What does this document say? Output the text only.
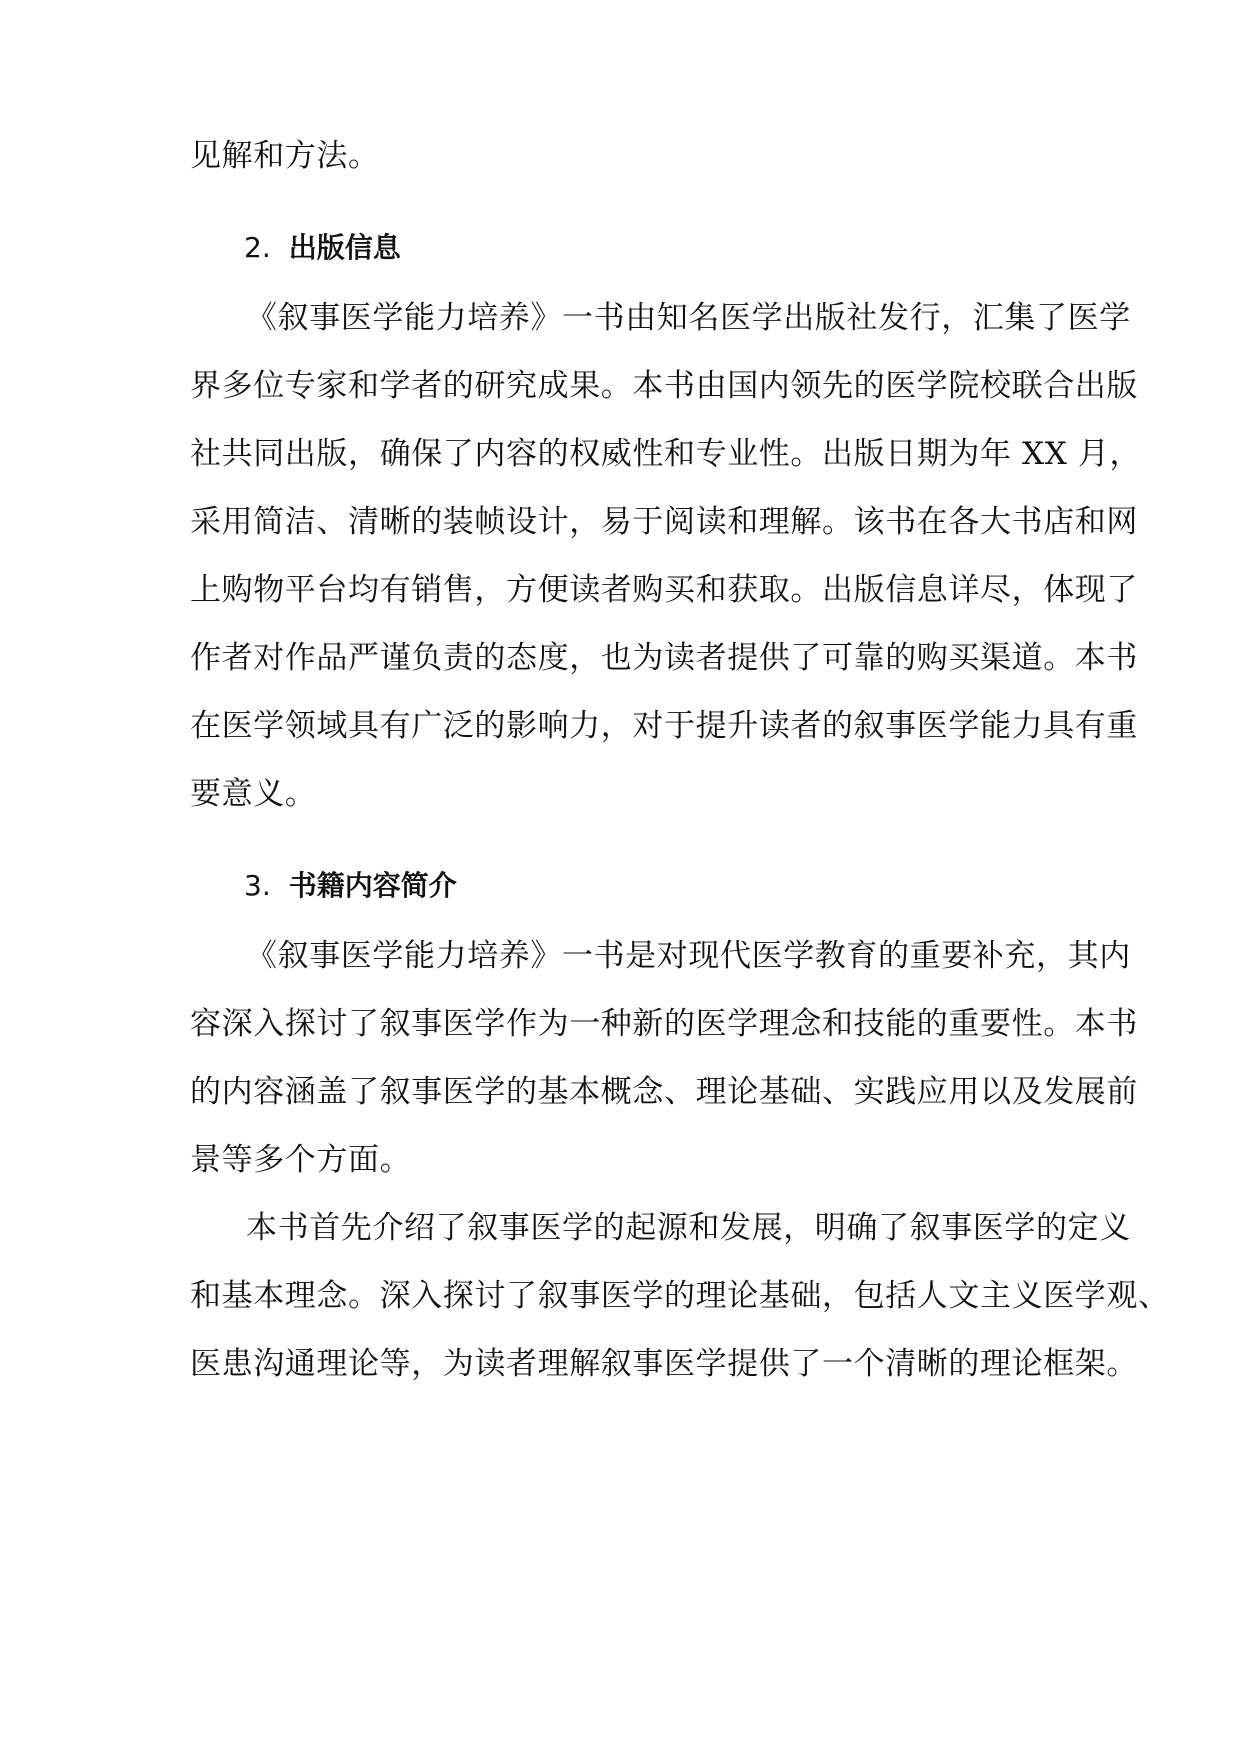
见解和方法。
2. 出版信息
《叙事医学能力培养》一书由知名医学出版社发行，汇集了医学
界多位专家和学者的研究成果。本书由国内领先的医学院校联合出版
社共同出版，确保了内容的权威性和专业性。出版日期为年 XX 月，
采用简洁、清晰的装帧设计，易于阅读和理解。该书在各大书店和网
上购物平台均有销售，方便读者购买和获取。出版信息详尽，体现了
作者对作品严谨负责的态度，也为读者提供了可靠的购买渠道。本书
在医学领域具有广泛的影响力，对于提升读者的叙事医学能力具有重
要意义。
3. 书籍内容简介
《叙事医学能力培养》一书是对现代医学教育的重要补充，其内
容深入探讨了叙事医学作为一种新的医学理念和技能的重要性。本书
的内容涵盖了叙事医学的基本概念、理论基础、实践应用以及发展前
景等多个方面。
本书首先介绍了叙事医学的起源和发展，明确了叙事医学的定义
和基本理念。深入探讨了叙事医学的理论基础，包括人文主义医学观、
医患沟通理论等，为读者理解叙事医学提供了一个清晰的理论框架。
